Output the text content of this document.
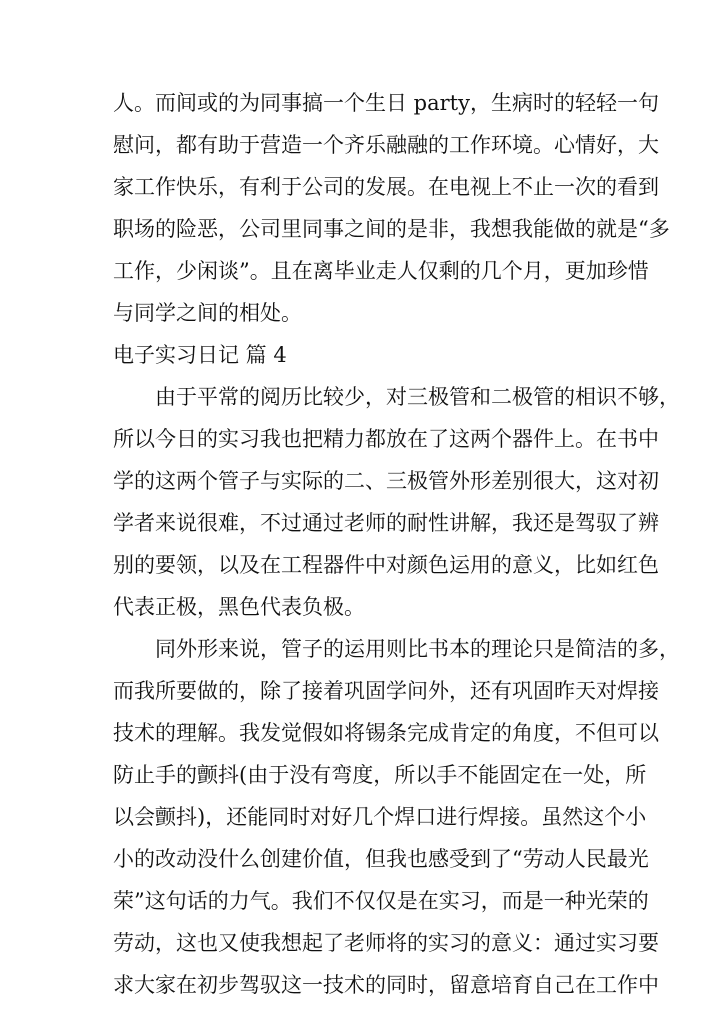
人。而间或的为同事搞一个生日 party，生病时的轻轻一句
慰问，都有助于营造一个齐乐融融的工作环境。心情好，大
家工作快乐，有利于公司的发展。在电视上不止一次的看到
职场的险恶，公司里同事之间的是非，我想我能做的就是“多
工作，少闲谈”。且在离毕业走人仅剩的几个月，更加珍惜
与同学之间的相处。
电子实习日记 篇 4
由于平常的阅历比较少，对三极管和二极管的相识不够，
所以今日的实习我也把精力都放在了这两个器件上。在书中
学的这两个管子与实际的二、三极管外形差别很大，这对初
学者来说很难，不过通过老师的耐性讲解，我还是驾驭了辨
别的要领，以及在工程器件中对颜色运用的意义，比如红色
代表正极，黑色代表负极。
同外形来说，管子的运用则比书本的理论只是简洁的多，
而我所要做的，除了接着巩固学问外，还有巩固昨天对焊接
技术的理解。我发觉假如将锡条完成肯定的角度，不但可以
防止手的颤抖(由于没有弯度，所以手不能固定在一处，所
以会颤抖)，还能同时对好几个焊口进行焊接。虽然这个小
小的改动没什么创建价值，但我也感受到了“劳动人民最光
荣”这句话的力气。我们不仅仅是在实习，而是一种光荣的
劳动，这也又使我想起了老师将的实习的意义：通过实习要
求大家在初步驾驭这一技术的同时，留意培育自己在工作中
